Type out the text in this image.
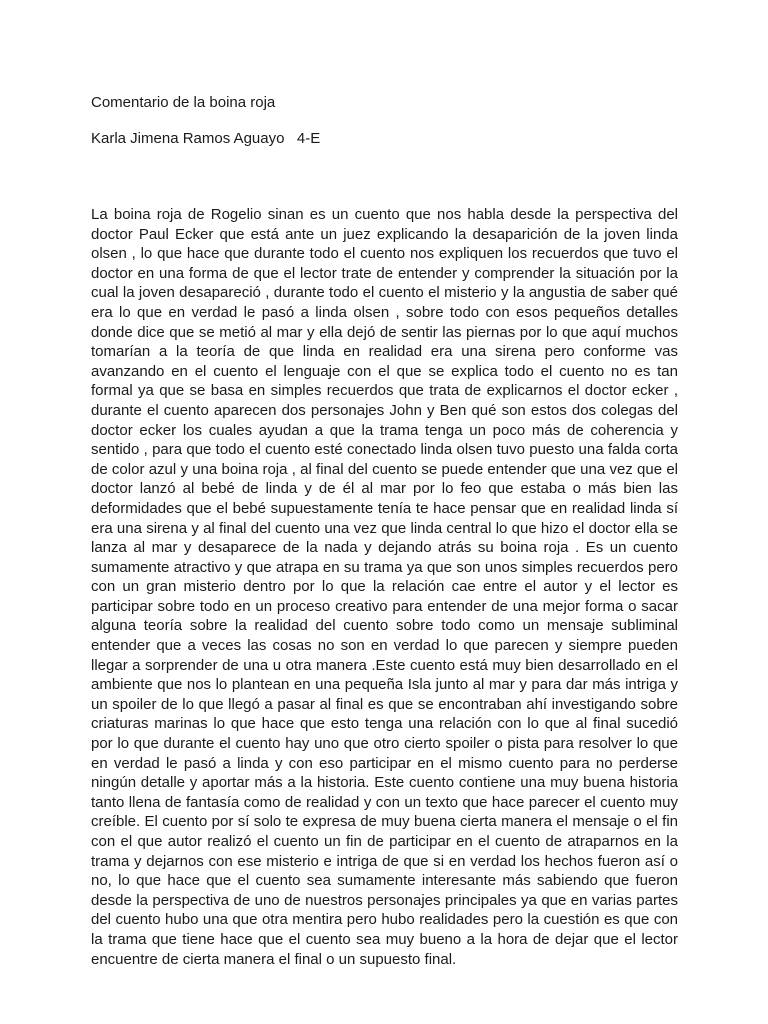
Comentario de la boina roja
Karla Jimena Ramos Aguayo   4-E

La boina roja de Rogelio sinan es un cuento que nos habla desde la perspectiva del doctor Paul Ecker que está ante un juez explicando la desaparición de la joven linda olsen , lo que hace que durante todo el cuento nos expliquen los recuerdos que tuvo el doctor en una forma de que el lector trate de entender y comprender la situación por la cual la joven desapareció , durante todo el cuento el misterio y la angustia de saber qué era lo que en verdad le pasó a linda olsen , sobre todo con esos pequeños detalles donde dice que se metió al mar y ella dejó de sentir las piernas por lo que aquí muchos tomarían a la teoría de que linda en realidad era una sirena pero conforme vas avanzando en el cuento el lenguaje con el que se explica todo el cuento no es tan formal ya que se basa en simples recuerdos que trata de explicarnos el doctor ecker , durante el cuento aparecen dos personajes John y Ben qué son estos dos colegas del doctor ecker los cuales ayudan a que la trama tenga un poco más de coherencia y sentido , para que todo el cuento esté conectado linda olsen tuvo puesto una falda corta de color azul y una boina roja , al final del cuento se puede entender que una vez que el doctor lanzó al bebé de linda y de él al mar por lo feo que estaba o más bien las deformidades que el bebé supuestamente tenía te hace pensar que en realidad linda sí era una sirena y al final del cuento una vez que linda central lo que hizo el doctor ella se lanza al mar y desaparece de la nada y dejando atrás su boina roja . Es un cuento sumamente atractivo y que atrapa en su trama ya que son unos simples recuerdos pero con un gran misterio dentro por lo que la relación cae entre el autor y el lector es participar sobre todo en un proceso creativo para entender de una mejor forma o sacar alguna teoría sobre la realidad del cuento sobre todo como un mensaje subliminal entender que a veces las cosas no son en verdad lo que parecen y siempre pueden llegar a sorprender de una u otra manera .Este cuento está muy bien desarrollado en el ambiente que nos lo plantean en una pequeña Isla junto al mar y para dar más intriga y un spoiler de lo que llegó a pasar al final es que se encontraban ahí investigando sobre criaturas marinas lo que hace que esto tenga una relación con lo que al final sucedió por lo que durante el cuento hay uno que otro cierto spoiler o pista para resolver lo que en verdad le pasó a linda y con eso participar en el mismo cuento para no perderse ningún detalle y aportar más a la historia. Este cuento contiene una muy buena historia tanto llena de fantasía como de realidad y con un texto que hace parecer el cuento muy creíble. El cuento por sí solo te expresa de muy buena cierta manera el mensaje o el fin con el que autor realizó el cuento un fin de participar en el cuento de atraparnos en la trama y dejarnos con ese misterio e intriga de que si en verdad los hechos fueron así o no, lo que hace que el cuento sea sumamente interesante más sabiendo que fueron desde la perspectiva de uno de nuestros personajes principales ya que en varias partes del cuento hubo una que otra mentira pero hubo realidades pero la cuestión es que con la trama que tiene hace que el cuento sea muy bueno a la hora de dejar que el lector encuentre de cierta manera el final o un supuesto final.
